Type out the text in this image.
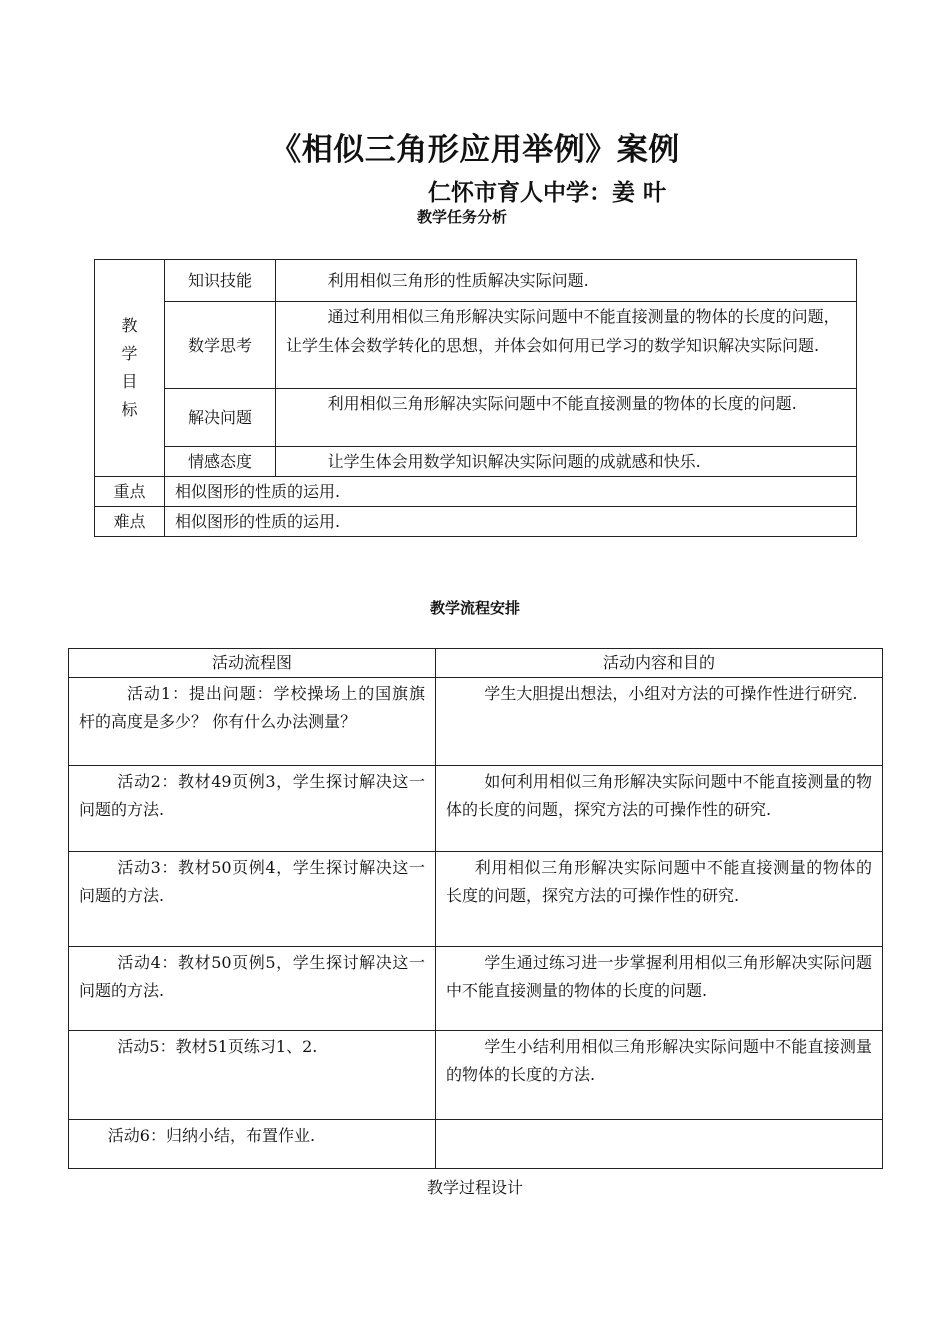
《相似三角形应用举例》案例
仁怀市育人中学：姜 叶
教学任务分析
教
学
目
标	知识技能	利用相似三角形的性质解决实际问题.
	数学思考	通过利用相似三角形解决实际问题中不能直接测量的物体的长度的问题，让学生体会数学转化的思想，并体会如何用已学习的数学知识解决实际问题.
	解决问题	利用相似三角形解决实际问题中不能直接测量的物体的长度的问题.
	情感态度	让学生体会用数学知识解决实际问题的成就感和快乐.
重点	相似图形的性质的运用.	
难点	相似图形的性质的运用.	
教学流程安排
活动流程图	活动内容和目的
活动1：提出问题：学校操场上的国旗旗杆的高度是多少？ 你有什么办法测量？	学生大胆提出想法，小组对方法的可操作性进行研究.
活动2：教材49页例3，学生探讨解决这一问题的方法.	如何利用相似三角形解决实际问题中不能直接测量的物体的长度的问题，探究方法的可操作性的研究.
活动3：教材50页例4，学生探讨解决这一问题的方法.	利用相似三角形解决实际问题中不能直接测量的物体的长度的问题，探究方法的可操作性的研究.
活动4：教材50页例5，学生探讨解决这一问题的方法.	学生通过练习进一步掌握利用相似三角形解决实际问题中不能直接测量的物体的长度的问题.
活动5：教材51页练习1、2.	学生小结利用相似三角形解决实际问题中不能直接测量的物体的长度的方法.
活动6：归纳小结，布置作业.	
教学过程设计
